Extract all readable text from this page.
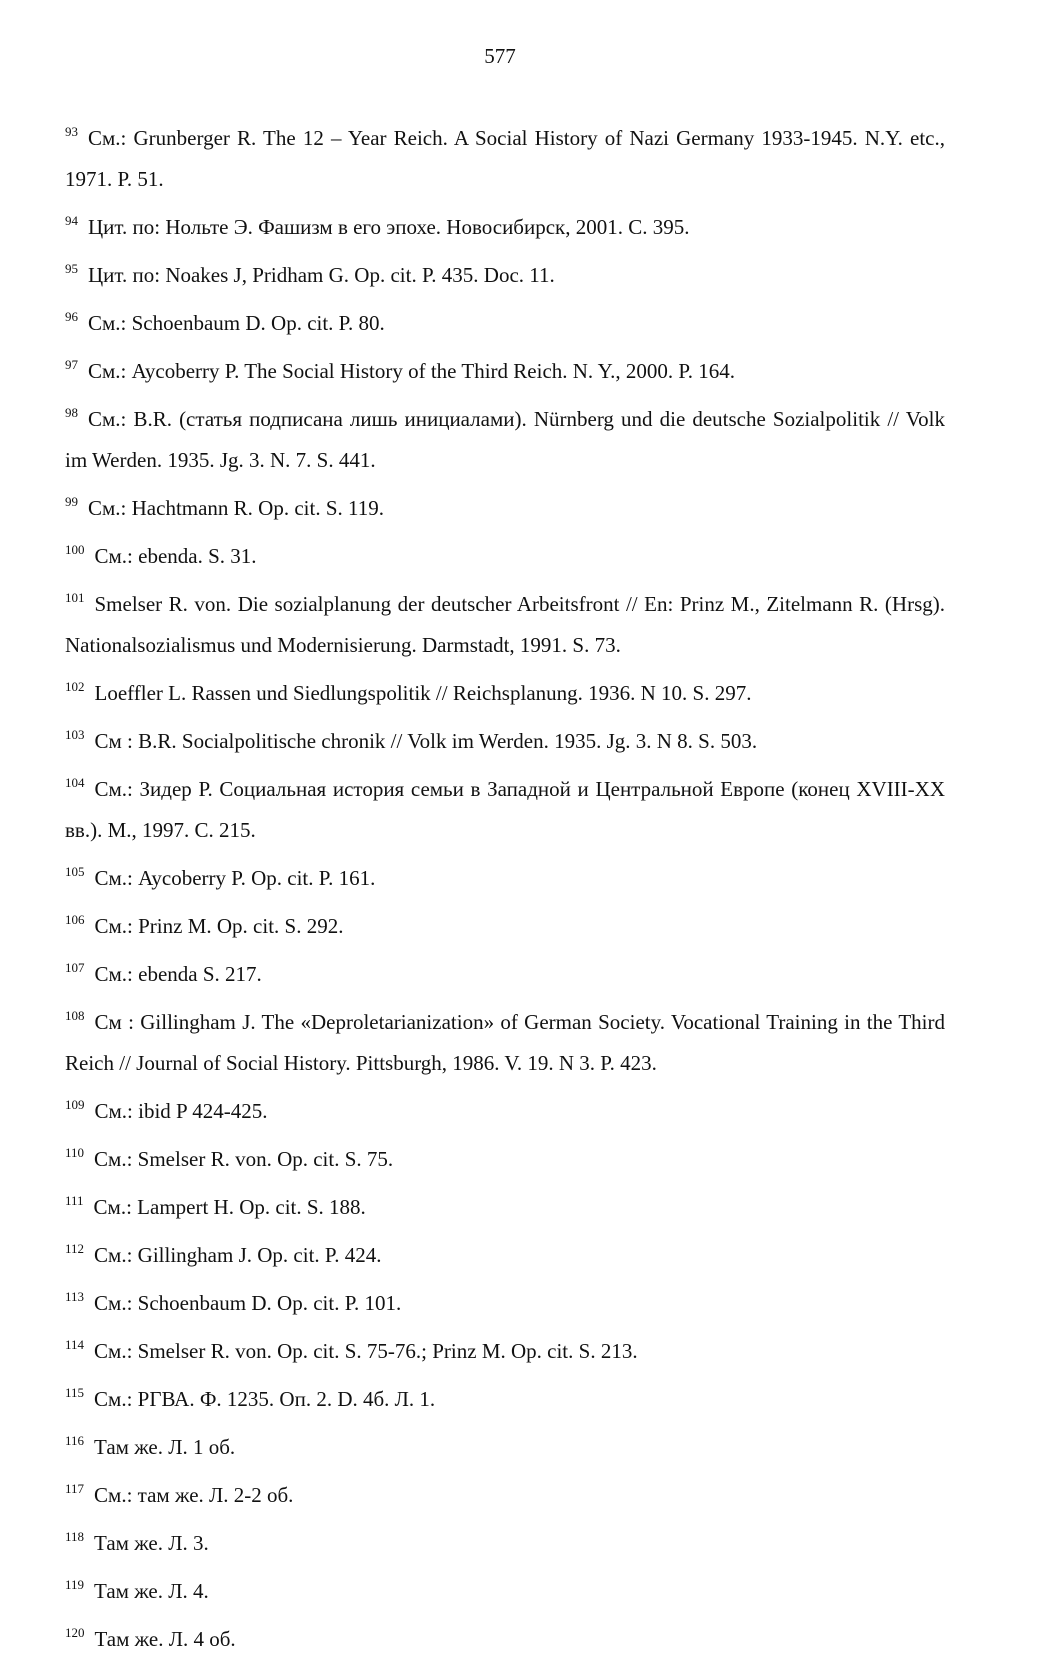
577

$^{93}$ См.: Grunberger R. The 12 – Year Reich. A Social History of Nazi Germany 1933-1945. N.Y. etc., 1971. P. 51.

$^{94}$ Цит. по: Нольте Э. Фашизм в его эпохе. Новосибирск, 2001. С. 395.

$^{95}$ Цит. по: Noakes J, Pridham G. Op. cit. P. 435. Doc. 11.

$^{96}$ См.: Schoenbaum D. Op. cit. P. 80.

$^{97}$ См.: Aycoberry P. The Social History of the Third Reich. N. Y., 2000. P. 164.

$^{98}$ См.: B.R. (статья подписана лишь инициалами). Nürnberg und die deutsche Sozialpolitik // Volk im Werden. 1935. Jg. 3. N. 7. S. 441.

$^{99}$ См.: Hachtmann R. Op. cit. S. 119.

$^{100}$ См.: ebenda. S. 31.

$^{101}$ Smelser R. von. Die sozialplanung der deutscher Arbeitsfront // En: Prinz M., Zitelmann R. (Hrsg). Nationalsozialismus und Modernisierung. Darmstadt, 1991. S. 73.

$^{102}$ Loeffler L. Rassen und Siedlungspolitik // Reichsplanung. 1936. N 10. S. 297.

$^{103}$ См : B.R. Socialpolitische chronik // Volk im Werden. 1935. Jg. 3. N 8. S. 503.

$^{104}$ См.: Зидер Р. Социальная история семьи в Западной и Центральной Европе (конец XVIII-XX вв.). М., 1997. С. 215.

$^{105}$ См.: Aycoberry P. Op. cit. P. 161.

$^{106}$ См.: Prinz M. Op. cit. S. 292.

$^{107}$ См.: ebenda S. 217.

$^{108}$ См : Gillingham J. The «Deproletarianization» of German Society. Vocational Training in the Third Reich // Journal of Social History. Pittsburgh, 1986. V. 19. N 3. P. 423.

$^{109}$ См.: ibid P 424-425.

$^{110}$ См.: Smelser R. von. Op. cit. S. 75.

$^{111}$ См.: Lampert H. Op. cit. S. 188.

$^{112}$ См.: Gillingham J. Op. cit. P. 424.

$^{113}$ См.: Schoenbaum D. Op. cit. P. 101.

$^{114}$ См.: Smelser R. von. Op. cit. S. 75-76.; Prinz M. Op. cit. S. 213.

$^{115}$ См.: РГВА. Ф. 1235. Оп. 2. D. 4б. Л. 1.

$^{116}$ Там же. Л. 1 об.

$^{117}$ См.: там же. Л. 2-2 об.

$^{118}$ Там же. Л. 3.

$^{119}$ Там же. Л. 4.

$^{120}$ Там же. Л. 4 об.
